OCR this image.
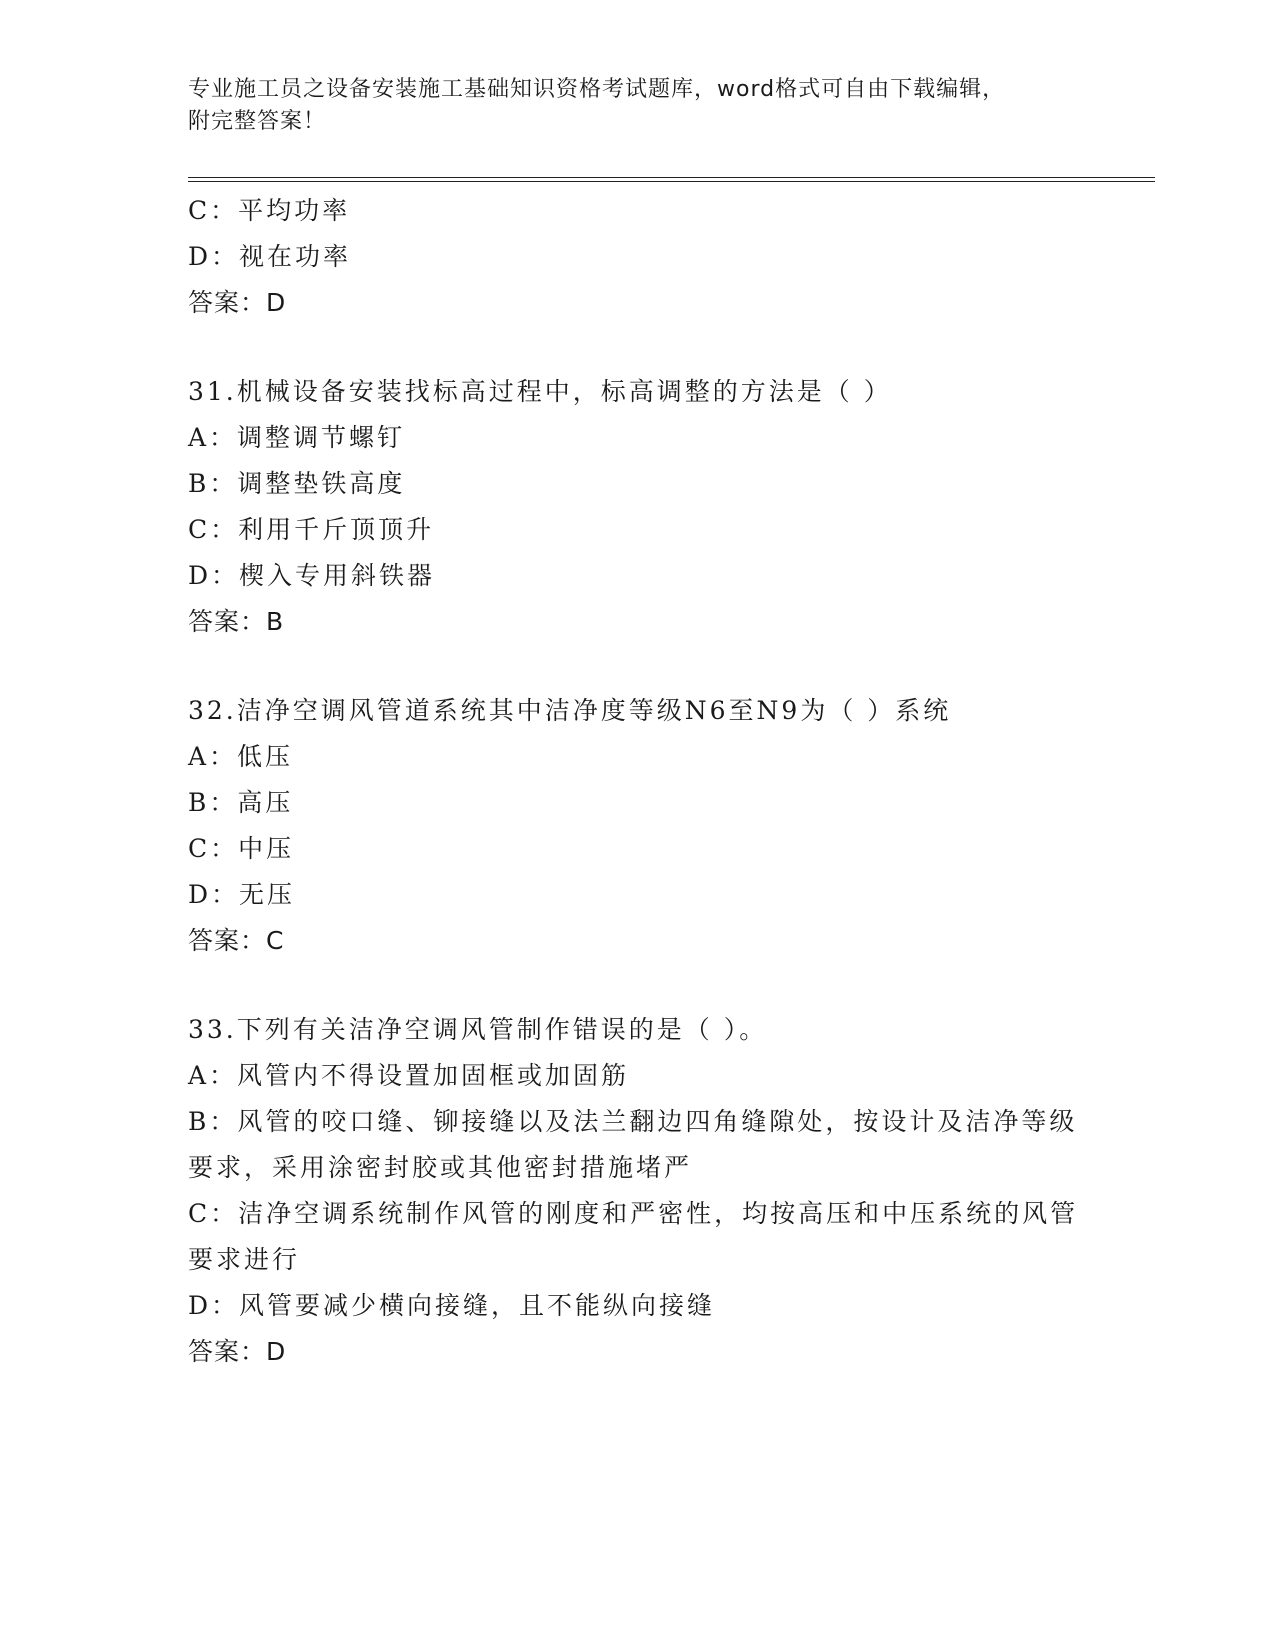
专业施工员之设备安装施工基础知识资格考试题库，word格式可自由下载编辑，
附完整答案！
C：平均功率
D：视在功率
答案：D
31.机械设备安装找标高过程中，标高调整的方法是（ ）
A：调整调节螺钉
B：调整垫铁高度
C：利用千斤顶顶升
D：楔入专用斜铁器
答案：B
32.洁净空调风管道系统其中洁净度等级N6至N9为（ ）系统
A：低压
B：高压
C：中压
D：无压
答案：C
33.下列有关洁净空调风管制作错误的是（ ）。
A：风管内不得设置加固框或加固筋
B：风管的咬口缝、铆接缝以及法兰翻边四角缝隙处，按设计及洁净等级要求，采用涂密封胶或其他密封措施堵严
C：洁净空调系统制作风管的刚度和严密性，均按高压和中压系统的风管要求进行
D：风管要减少横向接缝，且不能纵向接缝
答案：D
